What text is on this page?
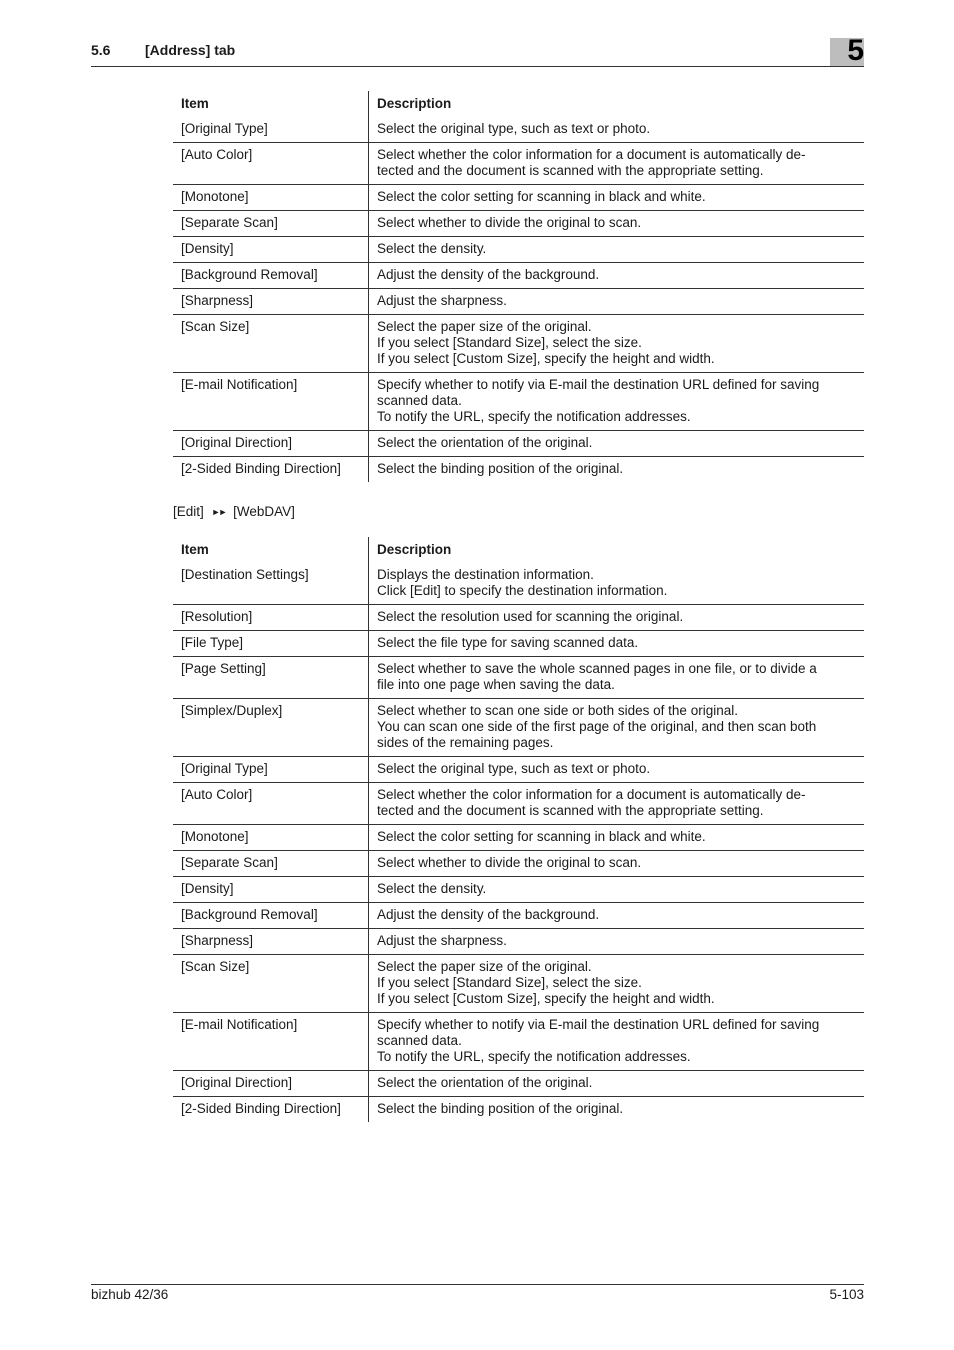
5.6 [Address] tab	5
Item	Description
[Original Type]	Select the original type, such as text or photo.
[Auto Color]	Select whether the color information for a document is automatically de-
tected and the document is scanned with the appropriate setting.
[Monotone]	Select the color setting for scanning in black and white.
[Separate Scan]	Select whether to divide the original to scan.
[Density]	Select the density.
[Background Removal]	Adjust the density of the background.
[Sharpness]	Adjust the sharpness.
[Scan Size]	Select the paper size of the original.
If you select [Standard Size], select the size.
If you select [Custom Size], specify the height and width.
[E-mail Notification]	Specify whether to notify via E-mail the destination URL defined for saving
scanned data.
To notify the URL, specify the notification addresses.
[Original Direction]	Select the orientation of the original.
[2-Sided Binding Direction]	Select the binding position of the original.
[Edit] ►► [WebDAV]
Item	Description
[Destination Settings]	Displays the destination information.
Click [Edit] to specify the destination information.
[Resolution]	Select the resolution used for scanning the original.
[File Type]	Select the file type for saving scanned data.
[Page Setting]	Select whether to save the whole scanned pages in one file, or to divide a
file into one page when saving the data.
[Simplex/Duplex]	Select whether to scan one side or both sides of the original.
You can scan one side of the first page of the original, and then scan both
sides of the remaining pages.
[Original Type]	Select the original type, such as text or photo.
[Auto Color]	Select whether the color information for a document is automatically de-
tected and the document is scanned with the appropriate setting.
[Monotone]	Select the color setting for scanning in black and white.
[Separate Scan]	Select whether to divide the original to scan.
[Density]	Select the density.
[Background Removal]	Adjust the density of the background.
[Sharpness]	Adjust the sharpness.
[Scan Size]	Select the paper size of the original.
If you select [Standard Size], select the size.
If you select [Custom Size], specify the height and width.
[E-mail Notification]	Specify whether to notify via E-mail the destination URL defined for saving
scanned data.
To notify the URL, specify the notification addresses.
[Original Direction]	Select the orientation of the original.
[2-Sided Binding Direction]	Select the binding position of the original.
bizhub 42/36	5-103
